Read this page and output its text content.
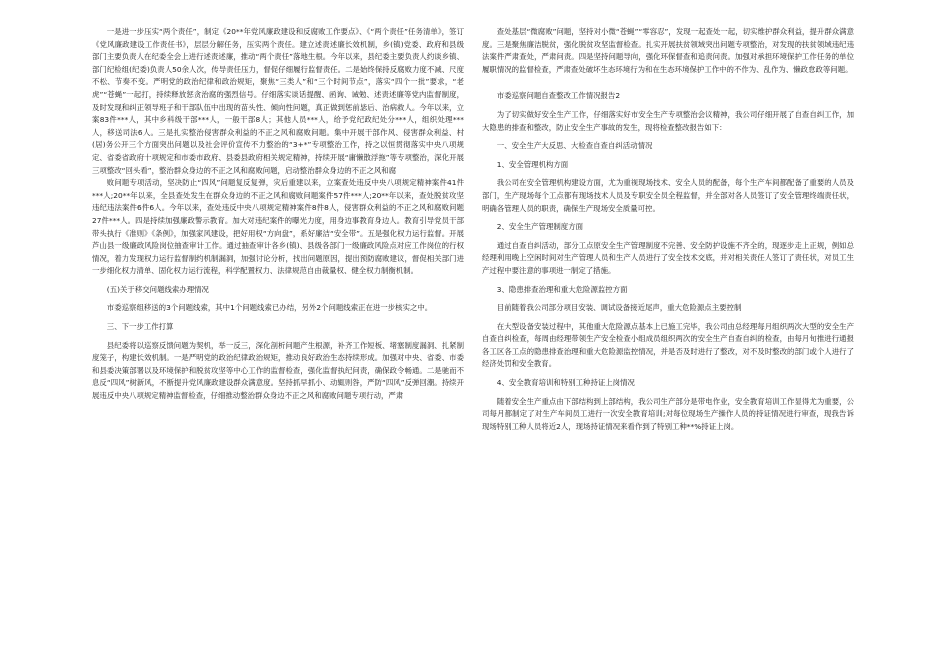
一是进一步压实“两个责任”，制定《20**年党风廉政建设和反腐败工作要点》、《“两个责任”任务清单》，签订《党风廉政建设工作责任书》，层层分解任务，压实两个责任。建立述责述廉长效机制，乡(镇)党委、政府和县级部门主要负责人在纪委全会上进行述责述廉，推动“两个责任”落地生根。今年以来，县纪委主要负责人约谈乡镇、部门纪检组(纪委)负责人50余人次，传导责任压力，督促仔细履行监督责任。二是始终保持反腐败力度不减、尺度不松、节奏不变。严明党的政治纪律和政治规矩，聚焦“三类人”和“三个时间节点”，落实“四个一批”要求，“老虎”“苍蝇”一起打，持续释放惩贪治腐的强烈信号。仔细落实谈话提醒、函询、诫勉、述责述廉等党内监督制度，及时发现和纠正领导班子和干部队伍中出现的苗头性、倾向性问题，真正做到惩前毖后、治病救人。今年以来，立案83件***人，其中乡科级干部***人，一般干部8人；其他人员***人，给予党纪政纪处分***人，组织处理***人，移送司法6人。三是扎实整治侵害群众利益的不正之风和腐败问题。集中开展干部作风、侵害群众利益、村(居)务公开三个方面突出问题以及社会评价宣传不力整治的“3+*”专项整治工作，持之以恒贯彻落实中央八项规定、省委省政府十项规定和市委市政府、县委县政府相关规定精神，持续开展“庸懒散浮拖”等专项整治，深化开展三项整改“回头看”，整治群众身边的不正之风和腐败问题，启动整治群众身边的不正之风和腐

败问题专项活动，坚决防止“四风”问题复反复弹，灾后重建以来，立案查处违反中央八项规定精神案件41件***人;20**年以来，全县查处发生在群众身边的不正之风和腐败问题案件57件***人;20**年以来，查处脱贫攻坚违纪违法案件6件6人。今年以来，查处违反中央八项规定精神案件8件8人，侵害群众利益的不正之风和腐败问题27件***人。四是持续加强廉政警示教育。加大对违纪案件的曝光力度，用身边事教育身边人。教育引导党员干部带头执行《准则》《条例》，加强家风建设，把好用权“方向盘”，系好廉洁“安全带”。五是强化权力运行监督。开展芦山县一级廉政风险岗位抽查审计工作。通过抽查审计各乡(镇)、县级各部门一级廉政风险点对应工作岗位的行权情况，着力发现权力运行监督制约机制漏洞，加强讨论分析，找出问题原因，提出预防腐败建议，督促相关部门进一步细化权力清单、固化权力运行流程，科学配置权力、法律规范自由裁量权、健全权力制衡机制。

(五)关于移交问题线索办理情况

市委巡察组移送的3个问题线索，其中1个问题线索已办结，另外2个问题线索正在进一步核实之中。

三、下一步工作打算

县纪委将以巡察反馈问题为契机，举一反三，深化剖析问题产生根源，补齐工作短板、堵塞制度漏洞、扎紧制度笼子，构建长效机制。一是严明党的政治纪律政治规矩，推动良好政治生态持续形成。加强对中央、省委、市委和县委决策部署以及环境保护和脱贫攻坚等中心工作的监督检查，强化监督执纪问责，确保政令畅通。二是驰而不息反“四风”树新风，不断提升党风廉政建设群众满意度。坚持抓早抓小、动辄则咎，严防“四风”反弹回潮。持续开展违反中央八项规定精神监督检查，仔细推动整治群众身边不正之风和腐败问题专项行动，严肃

查处基层“微腐败”问题，坚持对小微“苍蝇”“零容忍”，发现一起查处一起，切实维护群众利益，提升群众满意度。三是聚焦廉洁脱贫，强化脱贫攻坚监督检查。扎实开展扶贫领域突出问题专项整治，对发现的扶贫领域违纪违法案件严肃查处，严肃问责。四是坚持问题导向，强化环保督查和追责问责。加强对承担环境保护工作任务的单位履职情况的监督检查，严肃查处破坏生态环境行为和在生态环境保护工作中的不作为、乱作为、懒政怠政等问题。

市委巡察问题自查整改工作情况报告2

为了切实做好安全生产工作，仔细落实好市安全生产专项整治会议精神，我公司仔细开展了自查自纠工作，加大隐患的排查和整改，防止安全生产事故的发生，现将检查整改报告如下：

一、安全生产大反思、大检查自查自纠活动情况

1、安全管理机构方面

我公司在安全管理机构建设方面，尤为重视现场技术、安全人员的配备，每个生产车间都配备了重要的人员及部门，生产现场每个工点都有现场技术人员及专职安全员全程监督，并全部对各人员签订了安全管理终端责任状，明确各管理人员的职责，确保生产现场安全质量可控。

2、安全生产管理制度方面

通过自查自纠活动，部分工点原安全生产管理制度不完善、安全防护设施不齐全的，现逐步走上正规，例如总经理利用晚上空闲时间对生产管理人员和生产人员进行了安全技术交底，并对相关责任人签订了责任状，对员工生产过程中要注意的事项进一制定了措施。

3、隐患排查治理和重大危险源监控方面

目前随着我公司部分项目安装、调试设备接近尾声，重大危险源点主要控制

在大型设备安装过程中，其他重大危险源点基本上已施工完毕，我公司由总经理每月组织两次大型的安全生产自查自纠检查，每周由经理带领生产安全检查小组成员组织两次的安全生产自查自纠的检查，由每月旬推进行通报各工区各工点的隐患排查治理和重大危险源监控情况，并是否及时进行了整改，对不及时整改的部门或个人进行了经济处罚和安全教育。

4、安全教育培训和特别工种持证上岗情况

随着安全生产重点由下部结构到上部结构，我公司生产部分是带电作业，安全教育培训工作显得尤为重要，公司每月都制定了对生产车间员工进行一次安全教育培训;对每位现场生产操作人员的持证情况进行审查，现我告诉现场特别工种人员将近2人，现场持证情况来看作到了特别工种**%持证上岗。
